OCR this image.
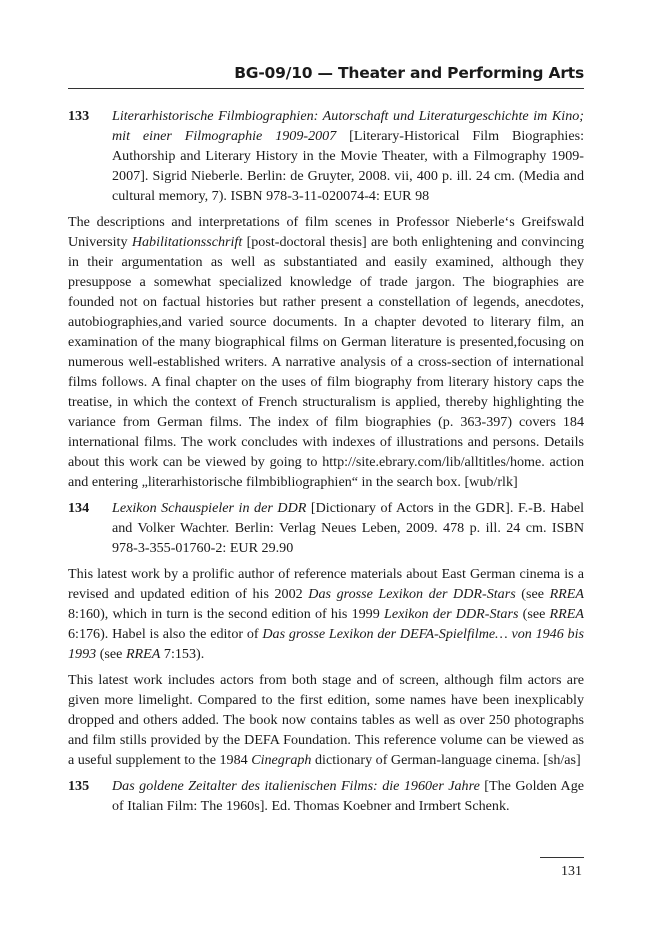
BG-09/10 — Theater and Performing Arts
133 Literarhistorische Filmbiographien: Autorschaft und Literaturgeschichte im Kino; mit einer Filmographie 1909-2007 [Literary-Historical Film Biographies: Authorship and Literary History in the Movie Theater, with a Filmography 1909-2007]. Sigrid Nieberle. Berlin: de Gruyter, 2008. vii, 400 p. ill. 24 cm. (Media and cultural memory, 7). ISBN 978-3-11-020074-4: EUR 98

The descriptions and interpretations of film scenes in Professor Nieberle‘s Greifswald University Habilitationsschrift [post-doctoral thesis] are both enlightening and convincing in their argumentation as well as substantiated and easily examined, although they presuppose a somewhat specialized knowledge of trade jargon. The biographies are founded not on factual histories but rather present a constellation of legends, anecdotes, autobiographies,and varied source documents. In a chapter devoted to literary film, an examination of the many biographical films on German literature is presented,focusing on numerous well-established writers. A narrative analysis of a cross-section of international films follows. A final chapter on the uses of film biography from literary history caps the treatise, in which the context of French structuralism is applied, thereby highlighting the variance from German films. The index of film biographies (p. 363-397) covers 184 international films. The work concludes with indexes of illustrations and persons. Details about this work can be viewed by going to http://site.ebrary.com/lib/alltitles/home. action and entering „literarhistorische filmbibliographien“ in the search box. [wub/rlk]

134 Lexikon Schauspieler in der DDR [Dictionary of Actors in the GDR]. F.-B. Habel and Volker Wachter. Berlin: Verlag Neues Leben, 2009. 478 p. ill. 24 cm. ISBN 978-3-355-01760-2: EUR 29.90

This latest work by a prolific author of reference materials about East German cinema is a revised and updated edition of his 2002 Das grosse Lexikon der DDR-Stars (see RREA 8:160), which in turn is the second edition of his 1999 Lexikon der DDR-Stars (see RREA 6:176). Habel is also the editor of Das grosse Lexikon der DEFA-Spielfilme… von 1946 bis 1993 (see RREA 7:153).

This latest work includes actors from both stage and of screen, although film actors are given more limelight. Compared to the first edition, some names have been inexplicably dropped and others added. The book now contains tables as well as over 250 photographs and film stills provided by the DEFA Foundation. This reference volume can be viewed as a useful supplement to the 1984 Cinegraph dictionary of German-language cinema. [sh/as]

135 Das goldene Zeitalter des italienischen Films: die 1960er Jahre [The Golden Age of Italian Film: The 1960s]. Ed. Thomas Koebner and Irmbert Schenk.
131
